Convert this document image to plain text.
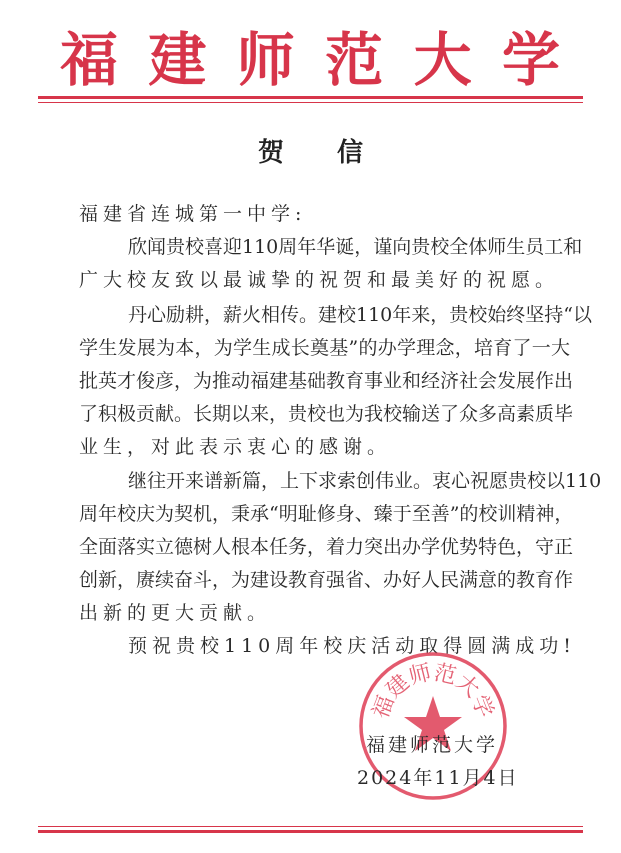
福 建 师 范 大 学
贺 信
福建省连城第一中学:
欣闻贵校喜迎110周年华诞，谨向贵校全体师生员工和
广大校友致以最诚挚的祝贺和最美好的祝愿。
丹心励耕，薪火相传。建校110年来，贵校始终坚持“以
学生发展为本，为学生成长奠基”的办学理念，培育了一大
批英才俊彦，为推动福建基础教育事业和经济社会发展作出
了积极贡献。长期以来，贵校也为我校输送了众多高素质毕
业生，对此表示衷心的感谢。
继往开来谱新篇，上下求索创伟业。衷心祝愿贵校以110
周年校庆为契机，秉承“明耻修身、臻于至善”的校训精神，
全面落实立德树人根本任务，着力突出办学优势特色，守正
创新，赓续奋斗，为建设教育强省、办好人民满意的教育作
出新的更大贡献。
预祝贵校110周年校庆活动取得圆满成功!
福建师范大学
福建师范大学
2024年11月4日
